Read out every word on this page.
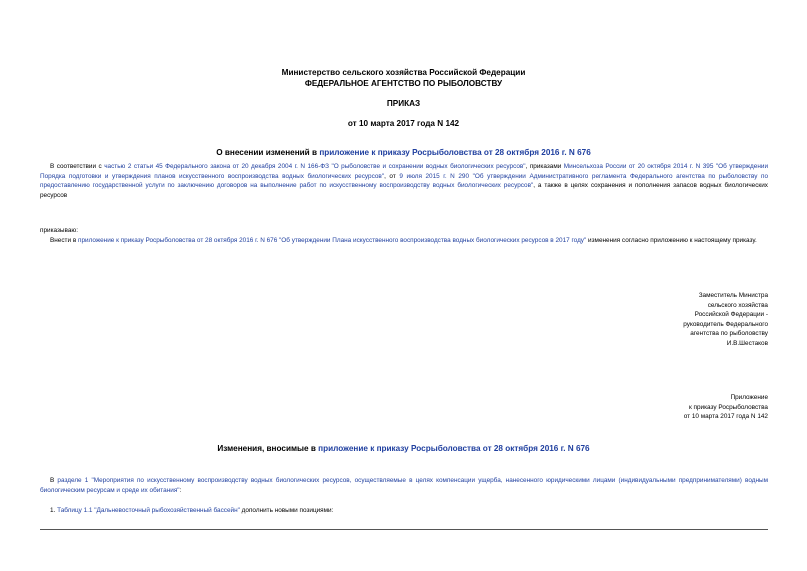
Министерство сельского хозяйства Российской Федерации
ФЕДЕРАЛЬНОЕ АГЕНТСТВО ПО РЫБОЛОВСТВУ
ПРИКАЗ
от 10 марта 2017 года N 142
О внесении изменений в приложение к приказу Росрыболовства от 28 октября 2016 г. N 676
В соответствии с частью 2 статьи 45 Федерального закона от 20 декабря 2004 г. N 166-ФЗ "О рыболовстве и сохранении водных биологических ресурсов", приказами Минсельхоза России от 20 октября 2014 г. N 395 "Об утверждении Порядка подготовки и утверждения планов искусственного воспроизводства водных биологических ресурсов", от 9 июля 2015 г. N 290 "Об утверждении Административного регламента Федерального агентства по рыболовству по предоставлению государственной услуги по заключению договоров на выполнение работ по искусственному воспроизводству водных биологических ресурсов", а также в целях сохранения и пополнения запасов водных биологических ресурсов
приказываю:
Внести в приложение к приказу Росрыболовства от 28 октября 2016 г. N 676 "Об утверждении Плана искусственного воспроизводства водных биологических ресурсов в 2017 году" изменения согласно приложению к настоящему приказу.
Заместитель Министра
сельского хозяйства
Российской Федерации -
руководитель Федерального
агентства по рыболовству
И.В.Шестаков
Приложение
к приказу Росрыболовства
от 10 марта 2017 года N 142
Изменения, вносимые в приложение к приказу Росрыболовства от 28 октября 2016 г. N 676
В разделе 1 "Мероприятия по искусственному воспроизводству водных биологических ресурсов, осуществляемые в целях компенсации ущерба, нанесенного юридическими лицами (индивидуальными предпринимателями) водным биологическим ресурсам и среде их обитания":
1. Таблицу 1.1 "Дальневосточный рыбохозяйственный бассейн" дополнить новыми позициями:
